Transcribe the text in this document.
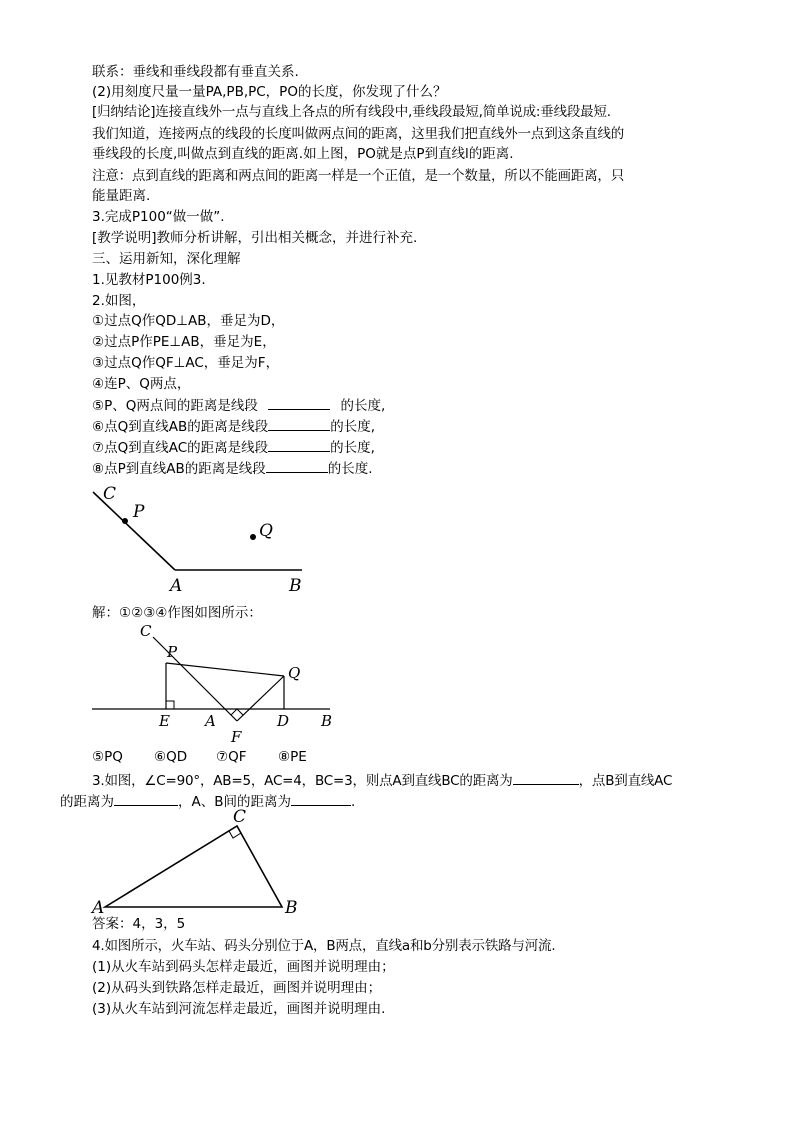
联系：垂线和垂线段都有垂直关系.
(2)用刻度尺量一量PA,PB,PC，PO的长度，你发现了什么？
[归纳结论]连接直线外一点与直线上各点的所有线段中,垂线段最短,简单说成:垂线段最短.
我们知道，连接两点的线段的长度叫做两点间的距离，这里我们把直线外一点到这条直线的
垂线段的长度,叫做点到直线的距离.如上图，PO就是点P到直线l的距离.
注意：点到直线的距离和两点间的距离一样是一个正值，是一个数量，所以不能画距离，只
能量距离.
3.完成P100“做一做”.
[教学说明]教师分析讲解，引出相关概念，并进行补充.
三、运用新知，深化理解
1.见教材P100例3.
2.如图，
①过点Q作QD⊥AB，垂足为D，
②过点P作PE⊥AB，垂足为E，
③过点Q作QF⊥AC，垂足为F，
④连P、Q两点，
⑤P、Q两点间的距离是线段	的长度,
⑥点Q到直线AB的距离是线段	的长度,
⑦点Q到直线AC的距离是线段	的长度,
⑧点P到直线AB的距离是线段	的长度.
C
P
Q
A	B
解：①②③④作图如图所示：
C
P
Q
E A	D B
F
⑤PQ ⑥QD ⑦QF ⑧PE
3.如图，∠C=90°，AB=5，AC=4，BC=3，则点A到直线BC的距离为	，点B到直线AC
的距离为	，A、B间的距离为	.
C
A	B
答案：4，3，5
4.如图所示，火车站、码头分别位于A，B两点，直线a和b分别表示铁路与河流.
(1)从火车站到码头怎样走最近，画图并说明理由；
(2)从码头到铁路怎样走最近，画图并说明理由；
(3)从火车站到河流怎样走最近，画图并说明理由.
